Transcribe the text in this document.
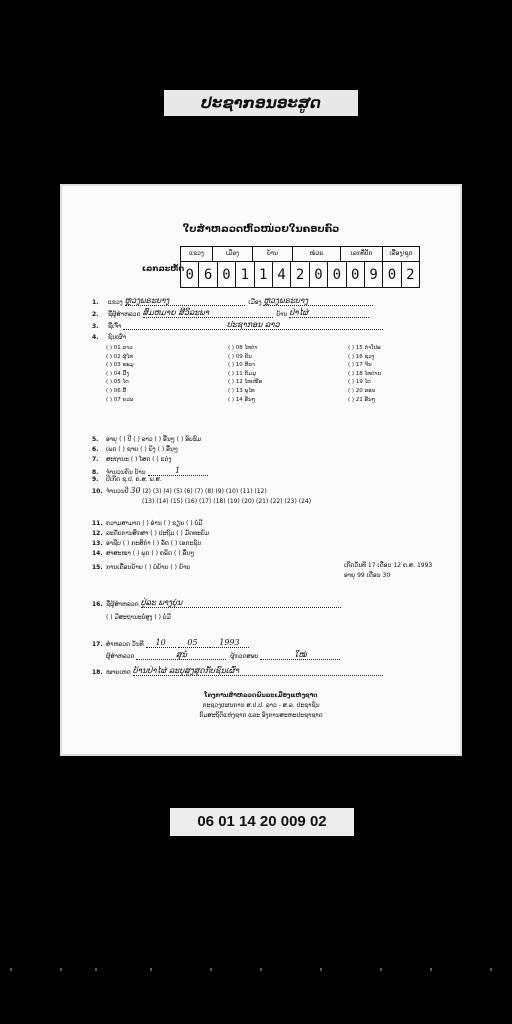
ປະຊາກອນອະສູດ
ໃບສຳຫລວດຫົວໜ່ວຍໃນຄອບຄົວ
ເລກລະຫັດ
ແຂວງ	ເມືອງ	ບ້ານ	ໜ່ວຍ	ເລກທີ່ປັດ	ເລື້ອງ/ຊຸດ
0 6 0 1 1 4 2 0 0 0 9 0 2
1. ແຂວງ ຫຼວງພຣະບາງ	ເມືອງ ຫຼວງພຣະບາງ
2. ຊື່ຜູ້ສຳຫລວດ ສົມຫມາຍ ສີວິລະພາ	ບ້ານ ປ່າໄຜ່
3. ຊື່ເຈົ້າ	ປະຊາກອນ ລາວ
4. ຊົນເຜົ່າ
( ) 01 ລາວ
( ) 02 ຜູ້ໄທ
( ) 03 ຂະມຸ
( ) 04 ມົ້ງ
( ) 05 ໄຕ
( ) 06 ລື້
( ) 07 ຍວນ
( ) 08 ໄທດຳ
( ) 09 ຍັນ
( ) 10 ສີລາ
( ) 11 ກຶມມຸ
( ) 12 ໄທເໜືອ
( ) 13 ພູໄທ
( ) 14 ອື່ນໆ
( ) 15 ກຳໂປະ
( ) 16 ຊ່ວງ
( ) 17 ຈີນ
( ) 18 ໄທດ່ານ
( ) 19 ໄຕ
( ) 20 ຮອນ
( ) 21 ອື່ນໆ
5. ອາຍຸ ( ) ປີ ( ) ລາວ ( ) ອື່ນໆ ( ) ອົບຮົມ
6. ເພດ ( ) ຊາຍ ( ) ຍິງ ( ) ອື່ນໆ
7. ສະຖານະ ( ) ໂສດ ( ) ແຕ່ງ
8. ຈຳນວນຄົນ ບ້ານ	1
9. ປີເກີດ ຊ.ປ. ຄ.ສ. ພ.ສ.
10. ຈຳນວນປີ 30 (2) (3) (4) (5) (6) (7) (8) (9) (10) (11) (12)
(13) (14) (15) (16) (17) (18) (19) (20) (21) (22) (23) (24)
11. ຄວາມສາມາດ ( ) ອ່ານ ( ) ຂຽນ ( ) ບໍ່ມີ
12. ລະດັບການສຶກສາ ( ) ປະຖົມ ( ) ມັດທະຍົມ
13. ອາຊີບ ( ) ກະສິກຳ ( ) ລັດ ( ) ເອກະຊົນ
14. ສາສະໜາ ( ) ພຸດ ( ) ຄຣິດ ( ) ອື່ນໆ
15. ການເຄື່ອນຍ້າຍ ( ) ບໍ່ຍ້າຍ ( ) ຍ້າຍ	ເກີດວັນທີ 17 ເດືອນ 12 ຄ.ສ. 1993
ອາຍຸ 99 ເດືອນ 30
16. ຊື່ຜູ້ສຳຫລວດ ປູ່ລະ ພາງບຸ່ນ
( ) ມີສະຖານະບໍ່ສູງ ( ) ບໍ່ມີ
17. ສຳຫລວດ ວັນທີ 10	05	1993
ຜູ້ສຳຫລວດ	ສຸນໍ	ຜູ້ກວດສອບ	ໃໝ່
18. ໝາຍເຫດ ບ້ານປ່າໄຜ່ ລະບຸສູງສຸດກັບຊົນເຜົ່າ
ໂຄງການສຳຫລວດພົນລະເມືອງແຫ່ງຊາດ
ກະຊວງແຜນການ ສ.ປ.ປ. ລາວ - ສ.ລ. ປະຊາຊົນ
ກົມສະຖິຕິແຫ່ງຊາດ ແລະ ອົງການສະຫະປະຊາຊາດ
06 01 14 20 009 02
